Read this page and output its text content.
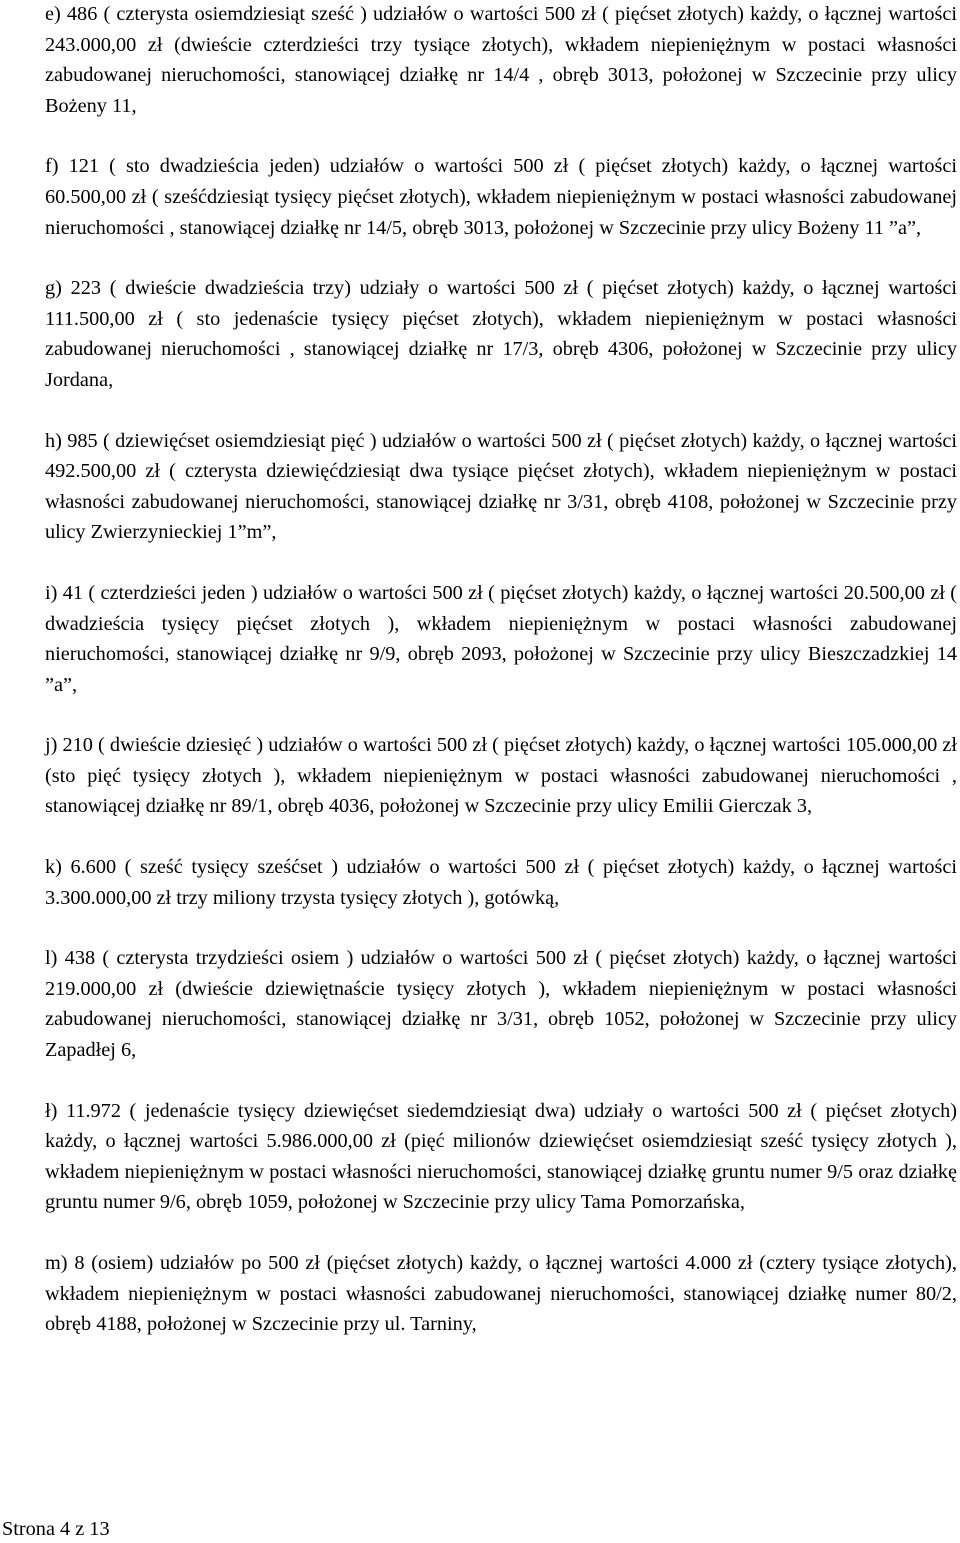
e) 486 ( czterysta osiemdziesiąt sześć ) udziałów o wartości 500 zł ( pięćset złotych) każdy, o łącznej wartości 243.000,00 zł (dwieście czterdzieści trzy tysiące złotych), wkładem niepieniężnym w postaci własności zabudowanej nieruchomości, stanowiącej działkę nr 14/4 , obręb 3013, położonej w Szczecinie przy ulicy Bożeny 11,

f) 121 ( sto dwadzieścia jeden) udziałów o wartości 500 zł ( pięćset złotych) każdy, o łącznej wartości 60.500,00 zł ( sześćdziesiąt tysięcy pięćset złotych), wkładem niepieniężnym w postaci własności zabudowanej nieruchomości , stanowiącej działkę nr 14/5, obręb 3013, położonej w Szczecinie przy ulicy Bożeny 11 ”a”,

g) 223 ( dwieście dwadzieścia trzy) udziały o wartości 500 zł ( pięćset złotych) każdy, o łącznej wartości 111.500,00 zł ( sto jedenaście tysięcy pięćset złotych), wkładem niepieniężnym w postaci własności zabudowanej nieruchomości , stanowiącej działkę nr 17/3, obręb 4306, położonej w Szczecinie przy ulicy Jordana,

h) 985 ( dziewięćset osiemdziesiąt pięć ) udziałów o wartości 500 zł ( pięćset złotych) każdy, o łącznej wartości 492.500,00 zł ( czterysta dziewięćdziesiąt dwa tysiące pięćset złotych), wkładem niepieniężnym w postaci własności zabudowanej nieruchomości, stanowiącej działkę nr 3/31, obręb 4108, położonej w Szczecinie przy ulicy Zwierzynieckiej 1”m”,

i) 41 ( czterdzieści jeden ) udziałów o wartości 500 zł ( pięćset złotych) każdy, o łącznej wartości 20.500,00 zł ( dwadzieścia tysięcy pięćset złotych ), wkładem niepieniężnym w postaci własności zabudowanej nieruchomości, stanowiącej działkę nr 9/9, obręb 2093, położonej w Szczecinie przy ulicy Bieszczadzkiej 14 ”a”,

j) 210 ( dwieście dziesięć ) udziałów o wartości 500 zł ( pięćset złotych) każdy, o łącznej wartości 105.000,00 zł (sto pięć tysięcy złotych ), wkładem niepieniężnym w postaci własności zabudowanej nieruchomości , stanowiącej działkę nr 89/1, obręb 4036, położonej w Szczecinie przy ulicy Emilii Gierczak 3,

k) 6.600 ( sześć tysięcy sześćset ) udziałów o wartości 500 zł ( pięćset złotych) każdy, o łącznej wartości 3.300.000,00 zł trzy miliony trzysta tysięcy złotych ), gotówką,

l) 438 ( czterysta trzydzieści osiem ) udziałów o wartości 500 zł ( pięćset złotych) każdy, o łącznej wartości 219.000,00 zł (dwieście dziewiętnaście tysięcy złotych ), wkładem niepieniężnym w postaci własności zabudowanej nieruchomości, stanowiącej działkę nr 3/31, obręb 1052, położonej w Szczecinie przy ulicy Zapadłej 6,

ł) 11.972 ( jedenaście tysięcy dziewięćset siedemdziesiąt dwa) udziały o wartości 500 zł ( pięćset złotych) każdy, o łącznej wartości 5.986.000,00 zł (pięć milionów dziewięćset osiemdziesiąt sześć tysięcy złotych ), wkładem niepieniężnym w postaci własności nieruchomości, stanowiącej działkę gruntu numer 9/5 oraz działkę gruntu numer 9/6, obręb 1059, położonej w Szczecinie przy ulicy Tama Pomorzańska,

m) 8 (osiem) udziałów po 500 zł (pięćset złotych) każdy, o łącznej wartości 4.000 zł (cztery tysiące złotych), wkładem niepieniężnym w postaci własności zabudowanej nieruchomości, stanowiącej działkę numer 80/2, obręb 4188, położonej w Szczecinie przy ul. Tarniny,

Strona 4 z 13
